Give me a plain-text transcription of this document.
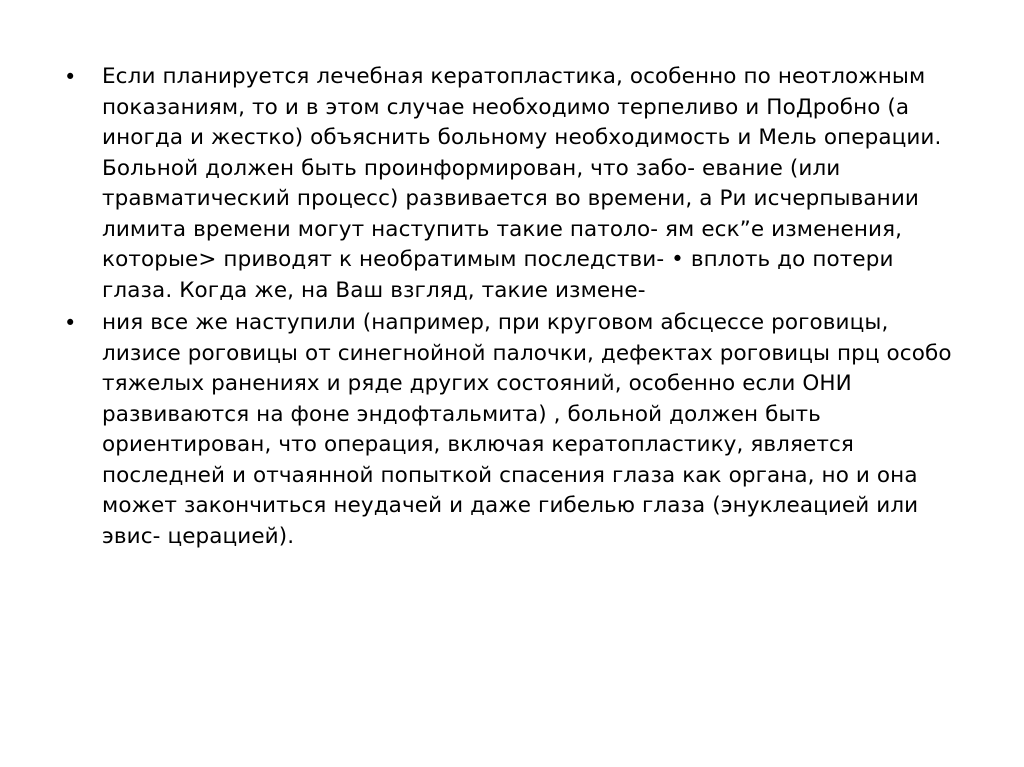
• Если планируется лечебная кератопластика, особенно по неотложным показаниям, то и в этом случае необходимо терпеливо и ПоДробно (а иногда и жестко) объяснить больному необходимость и Мель операции. Больной должен быть проинформирован, что забо- евание (или травматический процесс) развивается во времени, а Ри исчерпывании лимита времени могут наступить такие патоло- ям еск”е изменения, которые> приводят к необратимым последстви- • вплоть до потери глаза. Когда же, на Ваш взгляд, такие измене-
• ния все же наступили (например, при круговом абсцессе роговицы, лизисе роговицы от синегнойной палочки, дефектах роговицы прц особо тяжелых ранениях и ряде других состояний, особенно если ОНИ развиваются на фоне эндофтальмита) , больной должен быть ориентирован, что операция, включая кератопластику, является последней и отчаянной попыткой спасения глаза как органа, но и она может закончиться неудачей и даже гибелью глаза (энуклеацией или эвис- церацией).
